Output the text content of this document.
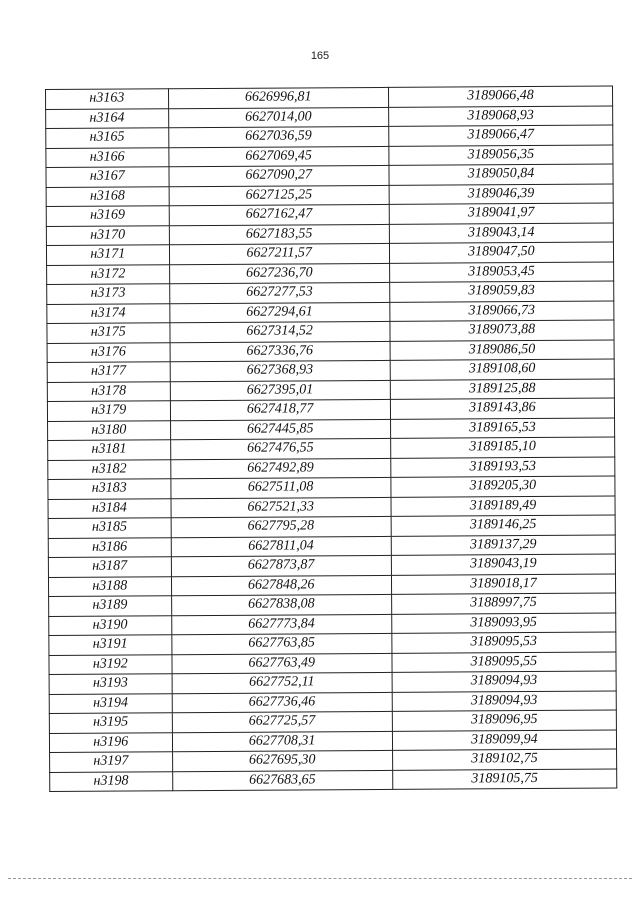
165
н3163	6626996,81	3189066,48
н3164	6627014,00	3189068,93
н3165	6627036,59	3189066,47
н3166	6627069,45	3189056,35
н3167	6627090,27	3189050,84
н3168	6627125,25	3189046,39
н3169	6627162,47	3189041,97
н3170	6627183,55	3189043,14
н3171	6627211,57	3189047,50
н3172	6627236,70	3189053,45
н3173	6627277,53	3189059,83
н3174	6627294,61	3189066,73
н3175	6627314,52	3189073,88
н3176	6627336,76	3189086,50
н3177	6627368,93	3189108,60
н3178	6627395,01	3189125,88
н3179	6627418,77	3189143,86
н3180	6627445,85	3189165,53
н3181	6627476,55	3189185,10
н3182	6627492,89	3189193,53
н3183	6627511,08	3189205,30
н3184	6627521,33	3189189,49
н3185	6627795,28	3189146,25
н3186	6627811,04	3189137,29
н3187	6627873,87	3189043,19
н3188	6627848,26	3189018,17
н3189	6627838,08	3188997,75
н3190	6627773,84	3189093,95
н3191	6627763,85	3189095,53
н3192	6627763,49	3189095,55
н3193	6627752,11	3189094,93
н3194	6627736,46	3189094,93
н3195	6627725,57	3189096,95
н3196	6627708,31	3189099,94
н3197	6627695,30	3189102,75
н3198	6627683,65	3189105,75
